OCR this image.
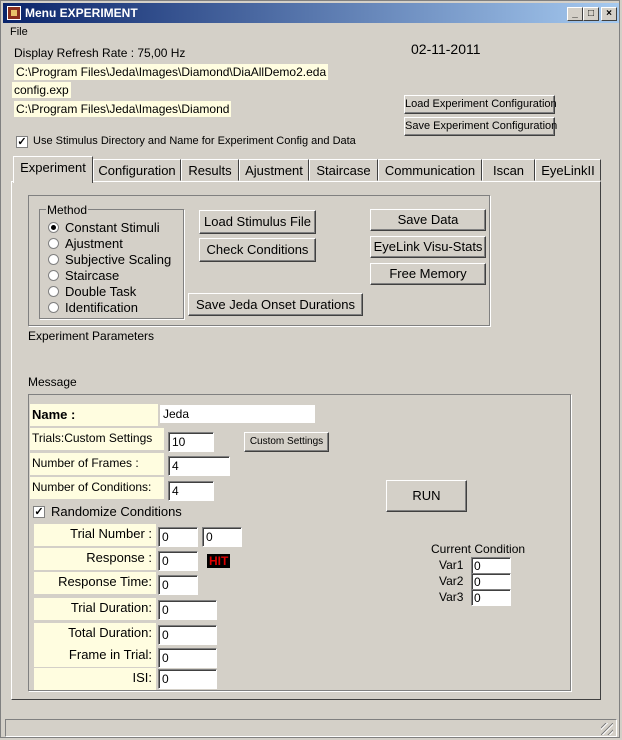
Menu EXPERIMENT	_	□	×
File
Display Refresh Rate : 75,00 Hz	02-11-2011
C:\Program Files\Jeda\Images\Diamond\DiaAllDemo2.eda
config.exp
C:\Program Files\Jeda\Images\Diamond	Load Experiment Configuration
Save Experiment Configuration
✓ Use Stimulus Directory and Name for Experiment Config and Data
Experiment Configuration Results	Ajustment	Staircase	Communication	Iscan	EyeLinkII
Method
Constant Stimuli
Ajustment
Subjective Scaling
Staircase
Double Task
Identification
Load Stimulus File
Check Conditions
Save Jeda Onset Durations
Save Data
EyeLink Visu-Stats
Free Memory
Experiment Parameters
Message
Name :	Jeda
Trials:Custom Settings	10	Custom Settings
Number of Frames :	4
Number of Conditions:	4
✓ Randomize Conditions
RUN
Trial Number : 0	0
Response : 0	HIT
Response Time: 0
Trial Duration: 0
Total Duration: 0
Frame in Trial: 0
ISI: 0
Current Condition
Var1 0
Var2 0
Var3 0
